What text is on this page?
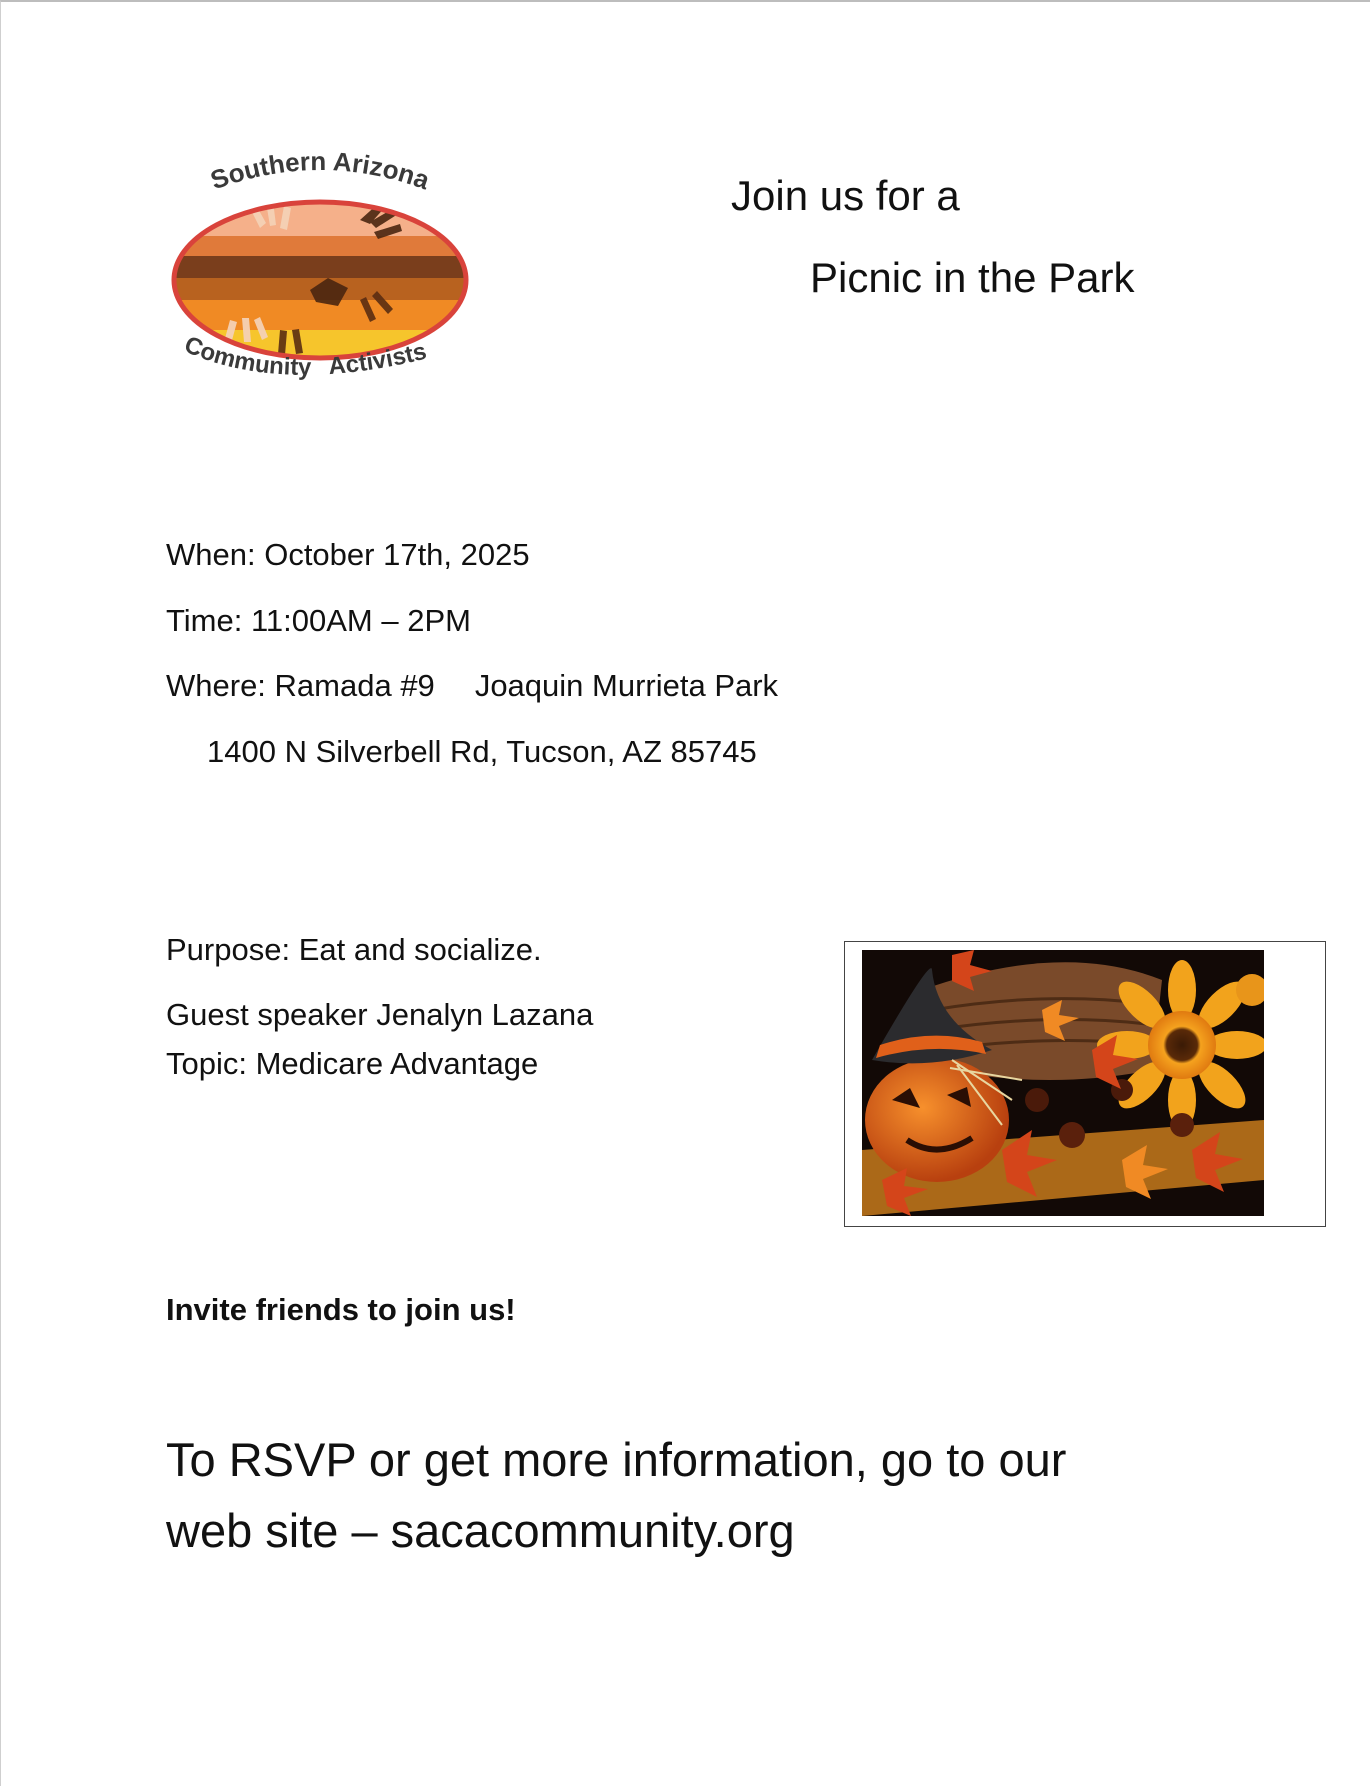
Southern Arizona
Community Activists
Join us for a
Picnic in the Park
When: October 17th, 2025
Time: 11:00AM – 2PM
Where: Ramada #9 Joaquin Murrieta Park
1400 N Silverbell Rd, Tucson, AZ 85745
Purpose: Eat and socialize.
Guest speaker Jenalyn Lazana
Topic: Medicare Advantage
Invite friends to join us!
To RSVP or get more information, go to our
web site – sacacommunity.org
